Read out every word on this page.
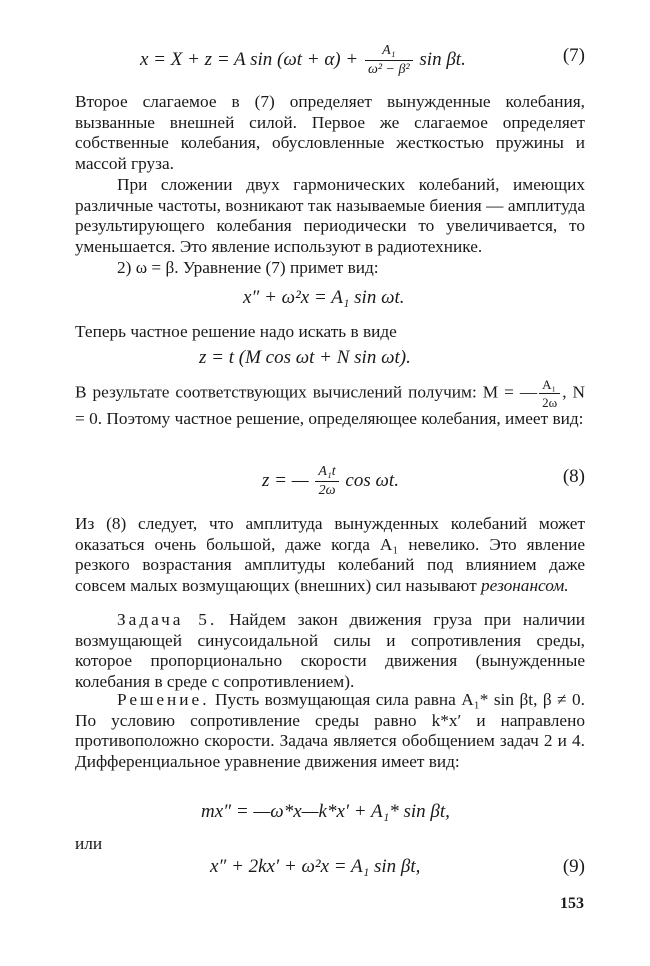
x = X + z = A $\sin (\omega t + \alpha) + \frac{\text{A₁}}{\text{ω² − β²}}$ sin βt.	(7)

Второе слагаемое в (7) определяет вынужденные колебания, вызванные внешней силой. Первое же слагаемое определяет собственные колебания, обусловленные жесткостью пружины и массой груза.

При сложении двух гармонических колебаний, имеющих различные частоты, возникают так называемые биения — амплитуда результирующего колебания периодически то увеличивается, то уменьшается. Это явление используют в радиотехнике.

2) ω = β. Уравнение (7) примет вид:

x″ + ω²x = A₁ sin ωt.

Теперь частное решение надо искать в виде

z = t (M cos ωt + N sin ωt).

В результате соответствующих вычислений получим: M = — $\frac{\text{A₁}}{2\omega}$ , N = 0. Поэтому частное решение, определяющее колебания, имеет вид:

z = — $\frac{\text{A₁t}}{2\omega}$ cos ωt.	(8)

Из (8) следует, что амплитуда вынужденных колебаний может оказаться очень большой, даже когда A₁ невелико. Это явление резкого возрастания амплитуды колебаний под влиянием даже совсем малых возмущающих (внешних) сил называют резонансом.

Задача 5. Найдем закон движения груза при наличии возмущающей синусоидальной силы и сопротивления среды, которое пропорционально скорости движения (вынужденные колебания в среде с сопротивлением).

Решение. Пусть возмущающая сила равна A₁* sin βt, β ≠ 0. По условию сопротивление среды равно k*x′ и направлено противоположно скорости. Задача является обобщением задач 2 и 4. Дифференциальное уравнение движения имеет вид:

mx″ = —ω*x—k*x′ + A₁* sin βt,

или

x″ + 2kx′ + ω²x = A₁ sin βt,	(9)
153
